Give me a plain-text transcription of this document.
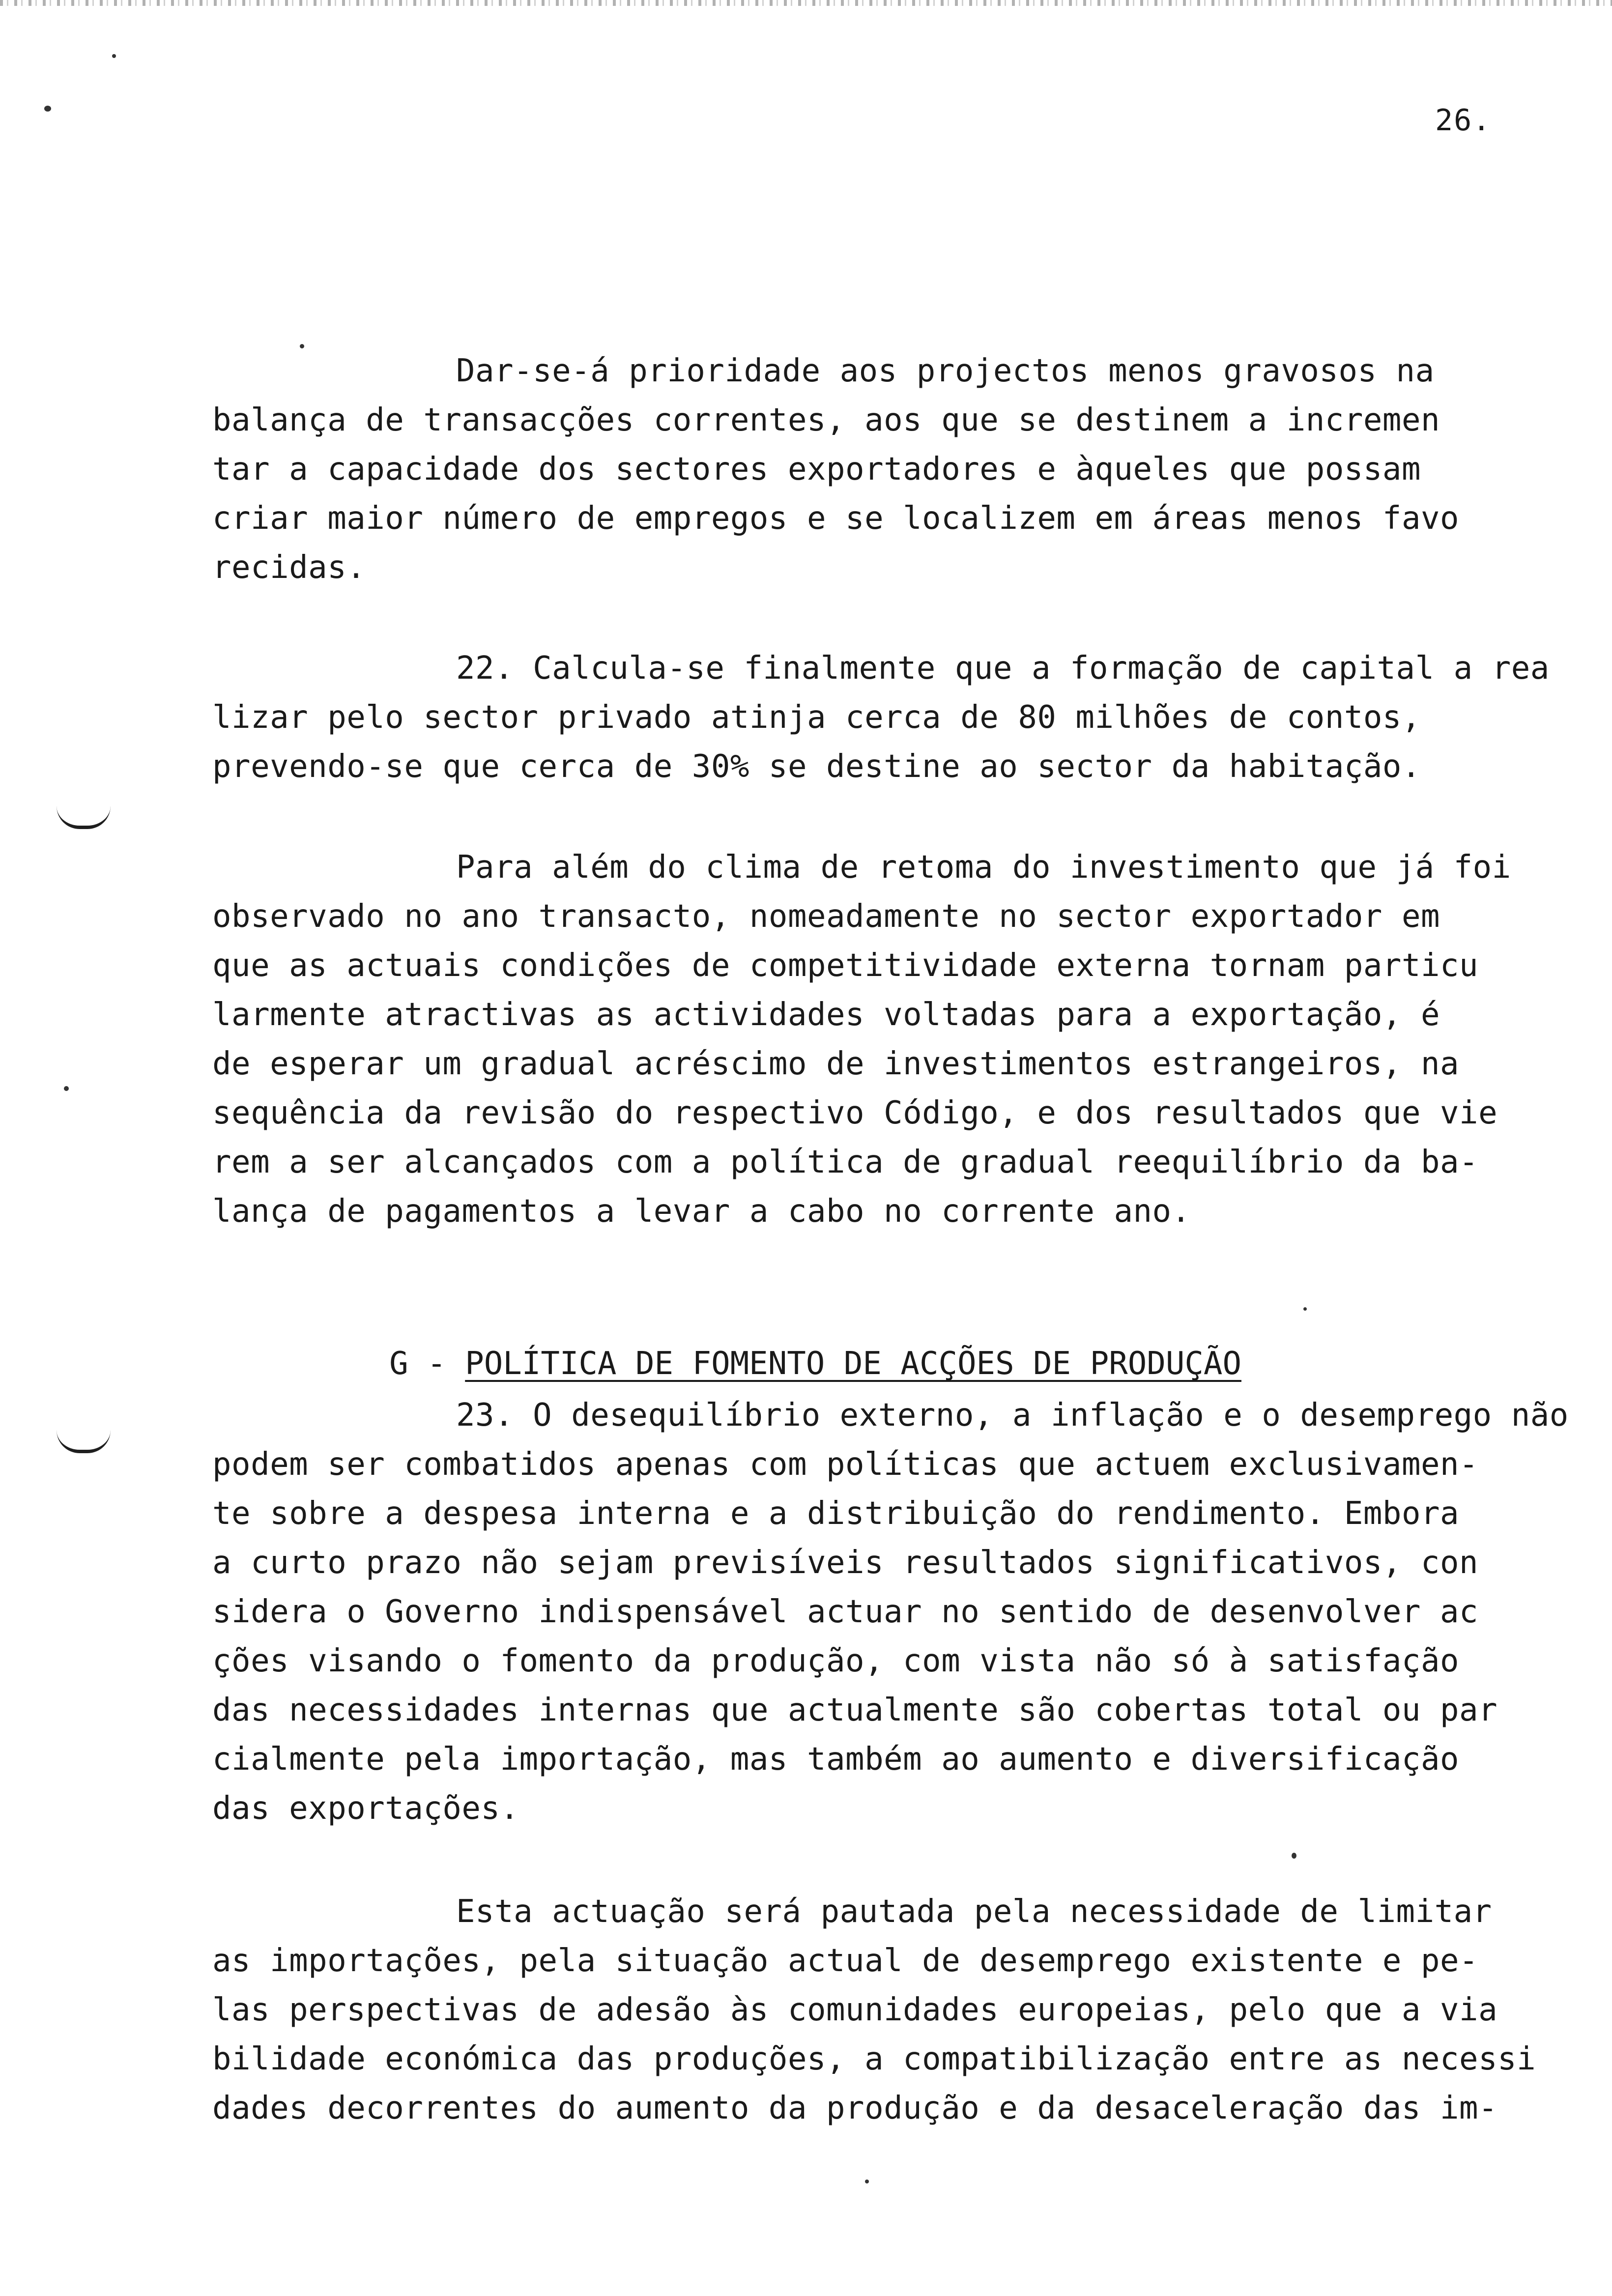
26.

Dar-se-á prioridade aos projectos menos gravosos na

balança de transacções correntes, aos que se destinem a incremen

tar a capacidade dos sectores exportadores e àqueles que possam

criar maior número de empregos e se localizem em áreas menos favo

recidas.

22. Calcula-se finalmente que a formação de capital a rea

lizar pelo sector privado atinja cerca de 80 milhões de contos,

prevendo-se que cerca de 30% se destine ao sector da habitação.

Para além do clima de retoma do investimento que já foi

observado no ano transacto, nomeadamente no sector exportador em

que as actuais condições de competitividade externa tornam particu

larmente atractivas as actividades voltadas para a exportação, é

de esperar um gradual acréscimo de investimentos estrangeiros, na

sequência da revisão do respectivo Código, e dos resultados que vie

rem a ser alcançados com a política de gradual reequilíbrio da ba-

lança de pagamentos a levar a cabo no corrente ano.

G - POLÍTICA DE FOMENTO DE ACÇÕES DE PRODUÇÃO

23. O desequilíbrio externo, a inflação e o desemprego não

podem ser combatidos apenas com políticas que actuem exclusivamen-

te sobre a despesa interna e a distribuição do rendimento. Embora

a curto prazo não sejam previsíveis resultados significativos, con

sidera o Governo indispensável actuar no sentido de desenvolver ac

ções visando o fomento da produção, com vista não só à satisfação

das necessidades internas que actualmente são cobertas total ou par

cialmente pela importação, mas também ao aumento e diversificação

das exportações.

Esta actuação será pautada pela necessidade de limitar

as importações, pela situação actual de desemprego existente e pe-

las perspectivas de adesão às comunidades europeias, pelo que a via

bilidade económica das produções, a compatibilização entre as necessi

dades decorrentes do aumento da produção e da desaceleração das im-
